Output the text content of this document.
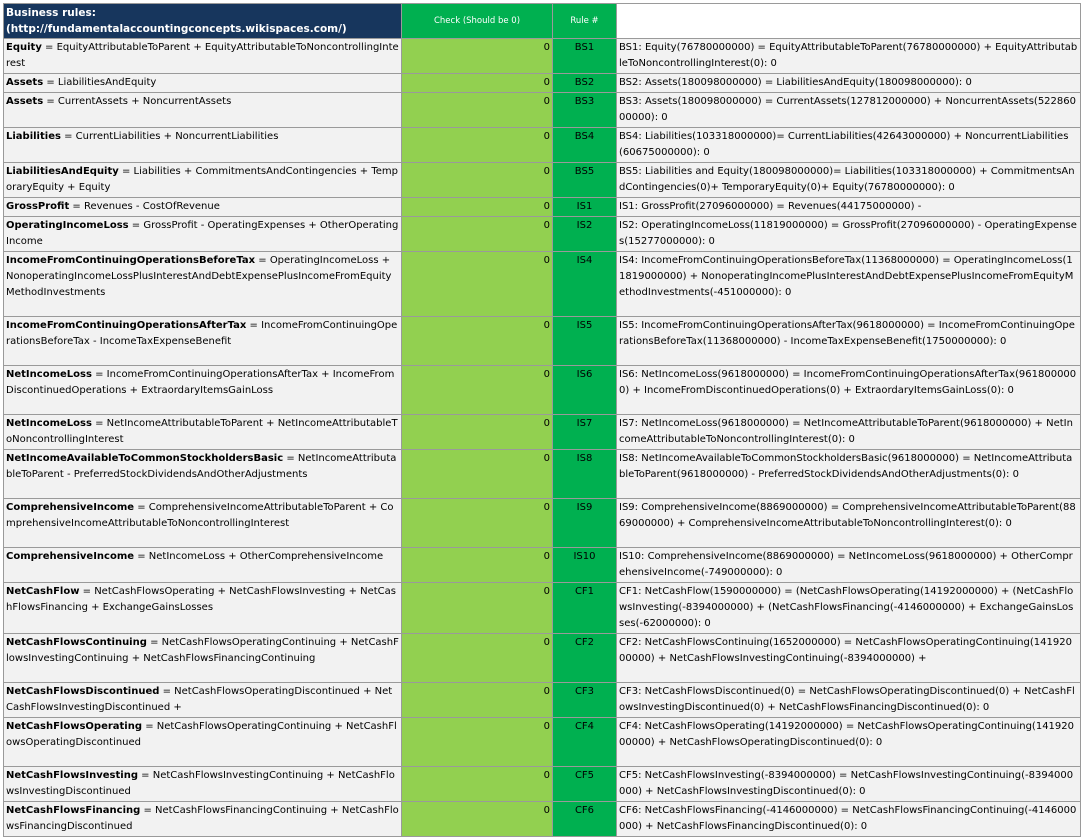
Business rules: (http://fundamentalaccountingconcepts.wikispaces.com/)	Check (Should be 0)	Rule #	
Equity = EquityAttributableToParent + EquityAttributableToNoncontrollingInterest	0	BS1	BS1: Equity(76780000000) = EquityAttributableToParent(76780000000) + EquityAttributableToNoncontrollingInterest(0): 0
Assets = LiabilitiesAndEquity	0	BS2	BS2: Assets(180098000000) = LiabilitiesAndEquity(180098000000): 0
Assets = CurrentAssets + NoncurrentAssets	0	BS3	BS3: Assets(180098000000) = CurrentAssets(127812000000) + NoncurrentAssets(52286000000): 0
Liabilities = CurrentLiabilities + NoncurrentLiabilities	0	BS4	BS4: Liabilities(103318000000)= CurrentLiabilities(42643000000) + NoncurrentLiabilities(60675000000): 0
LiabilitiesAndEquity = Liabilities + CommitmentsAndContingencies + TemporaryEquity + Equity	0	BS5	BS5: Liabilities and Equity(180098000000)= Liabilities(103318000000) + CommitmentsAndContingencies(0)+ TemporaryEquity(0)+ Equity(76780000000): 0
GrossProfit = Revenues - CostOfRevenue	0	IS1	IS1: GrossProfit(27096000000) = Revenues(44175000000) -
OperatingIncomeLoss = GrossProfit - OperatingExpenses + OtherOperatingIncome	0	IS2	IS2: OperatingIncomeLoss(11819000000) = GrossProfit(27096000000) - OperatingExpenses(15277000000): 0
IncomeFromContinuingOperationsBeforeTax = OperatingIncomeLoss + NonoperatingIncomeLossPlusInterestAndDebtExpensePlusIncomeFromEquityMethodInvestments	0	IS4	IS4: IncomeFromContinuingOperationsBeforeTax(11368000000) = OperatingIncomeLoss(11819000000) + NonoperatingIncomePlusInterestAndDebtExpensePlusIncomeFromEquityMethodInvestments(-451000000): 0
IncomeFromContinuingOperationsAfterTax = IncomeFromContinuingOperationsBeforeTax - IncomeTaxExpenseBenefit	0	IS5	IS5: IncomeFromContinuingOperationsAfterTax(9618000000) = IncomeFromContinuingOperationsBeforeTax(11368000000) - IncomeTaxExpenseBenefit(1750000000): 0
NetIncomeLoss = IncomeFromContinuingOperationsAfterTax + IncomeFromDiscontinuedOperations + ExtraordaryItemsGainLoss	0	IS6	IS6: NetIncomeLoss(9618000000) = IncomeFromContinuingOperationsAfterTax(9618000000) + IncomeFromDiscontinuedOperations(0) + ExtraordaryItemsGainLoss(0): 0
NetIncomeLoss = NetIncomeAttributableToParent + NetIncomeAttributableToNoncontrollingInterest	0	IS7	IS7: NetIncomeLoss(9618000000) = NetIncomeAttributableToParent(9618000000) + NetIncomeAttributableToNoncontrollingInterest(0): 0
NetIncomeAvailableToCommonStockholdersBasic = NetIncomeAttributableToParent - PreferredStockDividendsAndOtherAdjustments	0	IS8	IS8: NetIncomeAvailableToCommonStockholdersBasic(9618000000) = NetIncomeAttributableToParent(9618000000) - PreferredStockDividendsAndOtherAdjustments(0): 0
ComprehensiveIncome = ComprehensiveIncomeAttributableToParent + ComprehensiveIncomeAttributableToNoncontrollingInterest	0	IS9	IS9: ComprehensiveIncome(8869000000) = ComprehensiveIncomeAttributableToParent(8869000000) + ComprehensiveIncomeAttributableToNoncontrollingInterest(0): 0
ComprehensiveIncome = NetIncomeLoss + OtherComprehensiveIncome	0	IS10	IS10: ComprehensiveIncome(8869000000) = NetIncomeLoss(9618000000) + OtherComprehensiveIncome(-749000000): 0
NetCashFlow = NetCashFlowsOperating + NetCashFlowsInvesting + NetCashFlowsFinancing + ExchangeGainsLosses	0	CF1	CF1: NetCashFlow(1590000000) = (NetCashFlowsOperating(14192000000) + (NetCashFlowsInvesting(-8394000000) + (NetCashFlowsFinancing(-4146000000) + ExchangeGainsLosses(-62000000): 0
NetCashFlowsContinuing = NetCashFlowsOperatingContinuing + NetCashFlowsInvestingContinuing + NetCashFlowsFinancingContinuing	0	CF2	CF2: NetCashFlowsContinuing(1652000000) = NetCashFlowsOperatingContinuing(14192000000) + NetCashFlowsInvestingContinuing(-8394000000) +
NetCashFlowsDiscontinued = NetCashFlowsOperatingDiscontinued + NetCashFlowsInvestingDiscontinued +	0	CF3	CF3: NetCashFlowsDiscontinued(0) = NetCashFlowsOperatingDiscontinued(0) + NetCashFlowsInvestingDiscontinued(0) + NetCashFlowsFinancingDiscontinued(0): 0
NetCashFlowsOperating = NetCashFlowsOperatingContinuing + NetCashFlowsOperatingDiscontinued	0	CF4	CF4: NetCashFlowsOperating(14192000000) = NetCashFlowsOperatingContinuing(14192000000) + NetCashFlowsOperatingDiscontinued(0): 0
NetCashFlowsInvesting = NetCashFlowsInvestingContinuing + NetCashFlowsInvestingDiscontinued	0	CF5	CF5: NetCashFlowsInvesting(-8394000000) = NetCashFlowsInvestingContinuing(-8394000000) + NetCashFlowsInvestingDiscontinued(0): 0
NetCashFlowsFinancing = NetCashFlowsFinancingContinuing + NetCashFlowsFinancingDiscontinued	0	CF6	CF6: NetCashFlowsFinancing(-4146000000) = NetCashFlowsFinancingContinuing(-4146000000) + NetCashFlowsFinancingDiscontinued(0): 0
